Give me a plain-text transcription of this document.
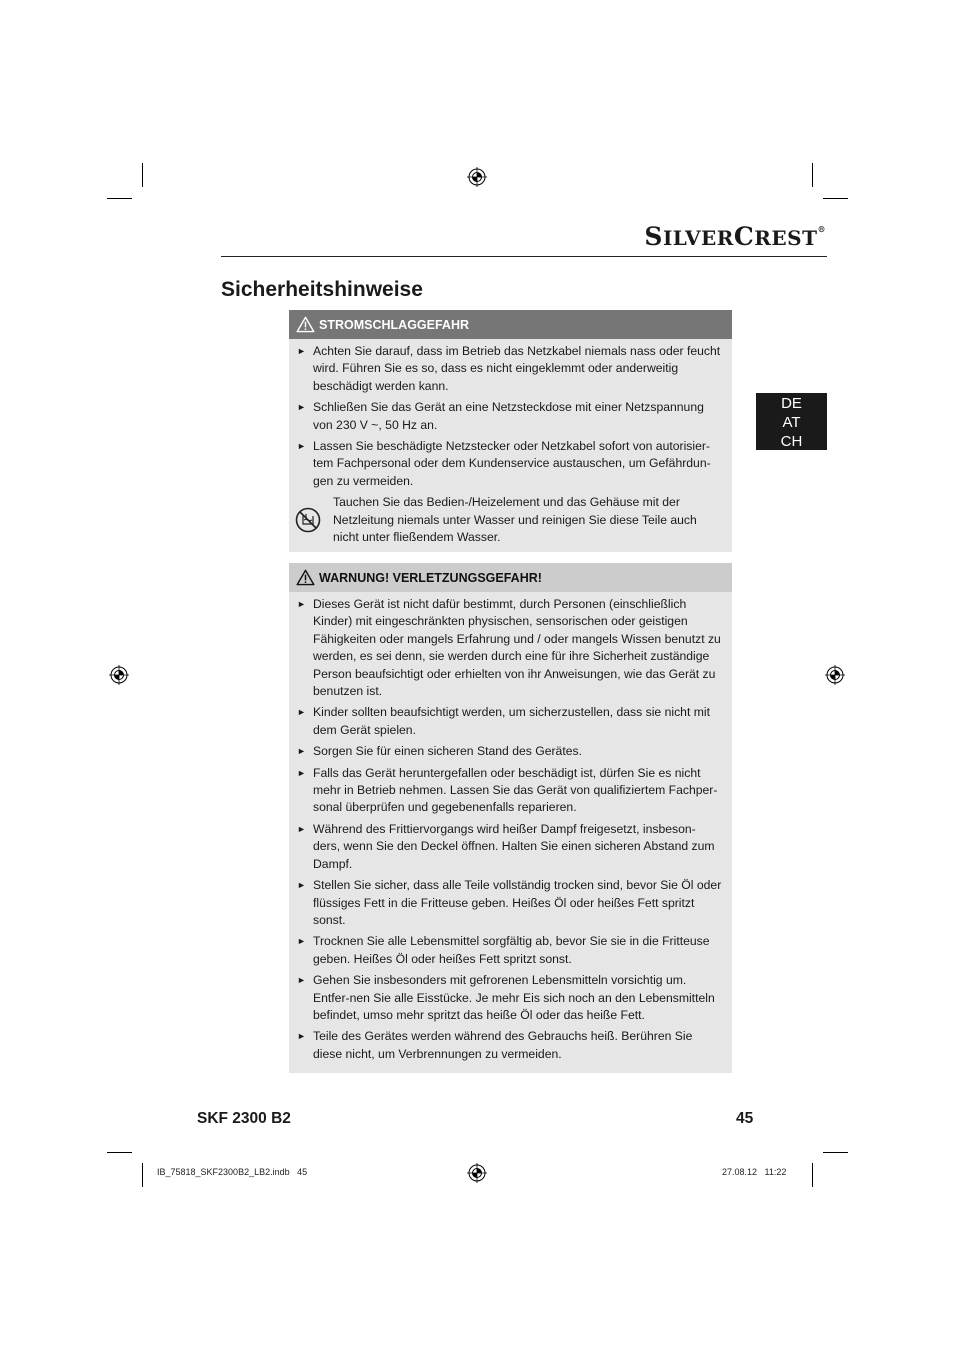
SILVERCREST®
Sicherheitshinweise
DE
AT
CH
STROMSCHLAGGEFAHR
► Achten Sie darauf, dass im Betrieb das Netzkabel niemals nass oder feucht wird. Führen Sie es so, dass es nicht eingeklemmt oder anderweitig beschädigt werden kann.
► Schließen Sie das Gerät an eine Netzsteckdose mit einer Netzspannung von 230 V ~, 50 Hz an.
► Lassen Sie beschädigte Netzstecker oder Netzkabel sofort von autorisier-tem Fachpersonal oder dem Kundenservice austauschen, um Gefährdun-gen zu vermeiden.
Tauchen Sie das Bedien-/Heizelement und das Gehäuse mit der Netzleitung niemals unter Wasser und reinigen Sie diese Teile auch nicht unter fließendem Wasser.
WARNUNG! VERLETZUNGSGEFAHR!
► Dieses Gerät ist nicht dafür bestimmt, durch Personen (einschließlich Kinder) mit eingeschränkten physischen, sensorischen oder geistigen Fähigkeiten oder mangels Erfahrung und / oder mangels Wissen benutzt zu werden, es sei denn, sie werden durch eine für ihre Sicherheit zuständige Person beaufsichtigt oder erhielten von ihr Anweisungen, wie das Gerät zu benutzen ist.
► Kinder sollten beaufsichtigt werden, um sicherzustellen, dass sie nicht mit dem Gerät spielen.
► Sorgen Sie für einen sicheren Stand des Gerätes.
► Falls das Gerät heruntergefallen oder beschädigt ist, dürfen Sie es nicht mehr in Betrieb nehmen. Lassen Sie das Gerät von qualifiziertem Fachper-sonal überprüfen und gegebenenfalls reparieren.
► Während des Frittiervorgangs wird heißer Dampf freigesetzt, insbeson-ders, wenn Sie den Deckel öffnen. Halten Sie einen sicheren Abstand zum Dampf.
► Stellen Sie sicher, dass alle Teile vollständig trocken sind, bevor Sie Öl oder flüssiges Fett in die Fritteuse geben. Heißes Öl oder heißes Fett spritzt sonst.
► Trocknen Sie alle Lebensmittel sorgfältig ab, bevor Sie sie in die Fritteuse geben. Heißes Öl oder heißes Fett spritzt sonst.
► Gehen Sie insbesonders mit gefrorenen Lebensmitteln vorsichtig um. Entfer-nen Sie alle Eisstücke. Je mehr Eis sich noch an den Lebensmitteln befindet, umso mehr spritzt das heiße Öl oder das heiße Fett.
► Teile des Gerätes werden während des Gebrauchs heiß. Berühren Sie diese nicht, um Verbrennungen zu vermeiden.
SKF 2300 B2	45
IB_75818_SKF2300B2_LB2.indb   45	27.08.12   11:22
